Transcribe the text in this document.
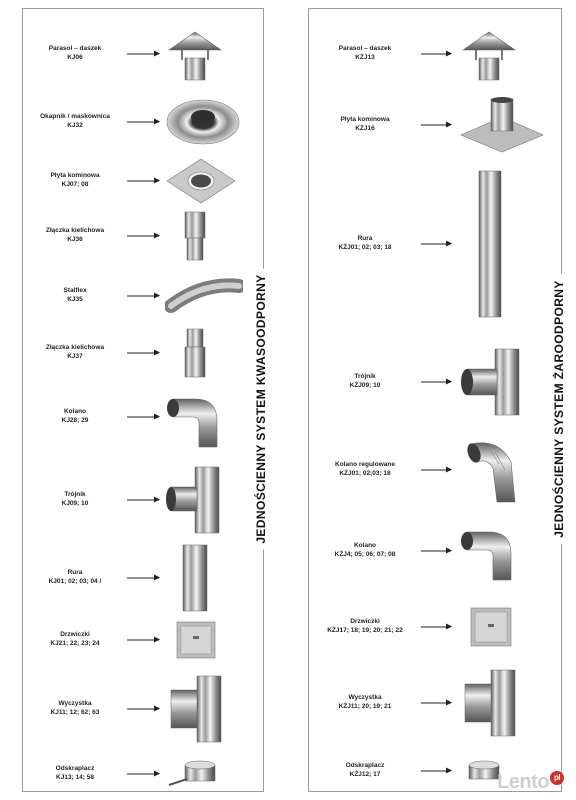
JEDNOŚCIENNY SYSTEM KWASOODPORNY
Parasol – daszek
KJ06
Okapnik / maskownica
KJ32
Płyta kominowa
KJ07; 08
Złączka kielichowa
KJ36
Stalflex
KJ35
Złączka kielichowa
KJ37
Kolano
KJ28; 29
Trójnik
KJ09; 10
Rura
KJ01; 02; 03; 04 /
Drzwiczki
KJ21; 22; 23; 24
Wyczystka
KJ11; 12; 62; 63
Odskraplacz
KJ13; 14; 58
JEDNOŚCIENNY SYSTEM ŻAROODPORNY
Parasol – daszek
KŻJ13
Płyta kominowa
KŻJ16
Rura
KŻJ01; 02; 03; 18
Trójnik
KŻJ09; 10
Kolano regulowane
KŻJ01; 02;03; 18
Kolano
KŻJ4; 05; 06; 07; 08
Drzwiczki
KŻJ17; 18; 19; 20; 21; 22
Wyczystka
KŻJ11; 20; 19; 21
Odskraplacz
KŻJ12; 17	Lento pl
